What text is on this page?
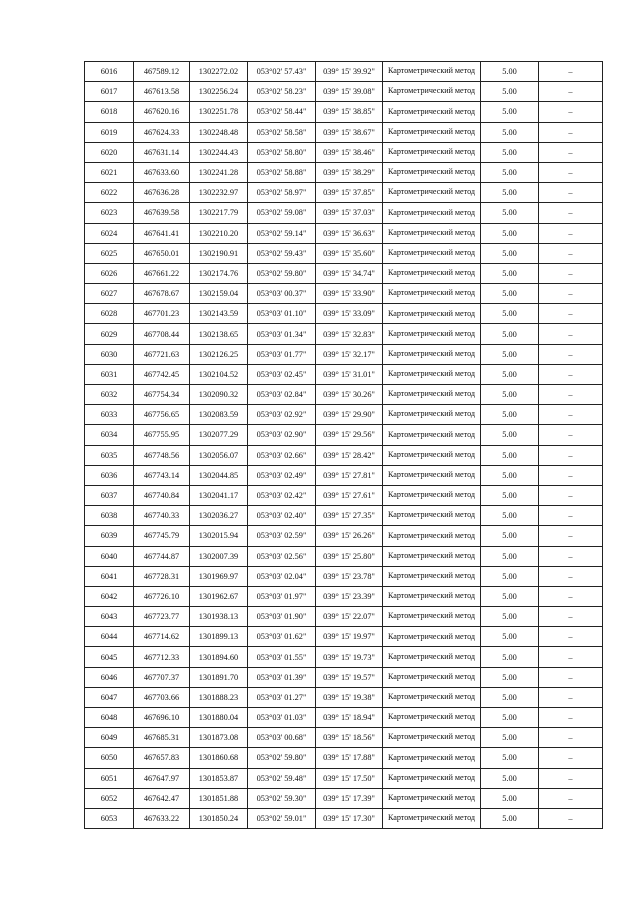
6016	467589.12	1302272.02	053°02' 57.43"	039° 15' 39.92"	Картометрический метод	5.00	–
6017	467613.58	1302256.24	053°02' 58.23"	039° 15' 39.08"	Картометрический метод	5.00	–
6018	467620.16	1302251.78	053°02' 58.44"	039° 15' 38.85"	Картометрический метод	5.00	–
6019	467624.33	1302248.48	053°02' 58.58"	039° 15' 38.67"	Картометрический метод	5.00	–
6020	467631.14	1302244.43	053°02' 58.80"	039° 15' 38.46"	Картометрический метод	5.00	–
6021	467633.60	1302241.28	053°02' 58.88"	039° 15' 38.29"	Картометрический метод	5.00	–
6022	467636.28	1302232.97	053°02' 58.97"	039° 15' 37.85"	Картометрический метод	5.00	–
6023	467639.58	1302217.79	053°02' 59.08"	039° 15' 37.03"	Картометрический метод	5.00	–
6024	467641.41	1302210.20	053°02' 59.14"	039° 15' 36.63"	Картометрический метод	5.00	–
6025	467650.01	1302190.91	053°02' 59.43"	039° 15' 35.60"	Картометрический метод	5.00	–
6026	467661.22	1302174.76	053°02' 59.80"	039° 15' 34.74"	Картометрический метод	5.00	–
6027	467678.67	1302159.04	053°03' 00.37"	039° 15' 33.90"	Картометрический метод	5.00	–
6028	467701.23	1302143.59	053°03' 01.10"	039° 15' 33.09"	Картометрический метод	5.00	–
6029	467708.44	1302138.65	053°03' 01.34"	039° 15' 32.83"	Картометрический метод	5.00	–
6030	467721.63	1302126.25	053°03' 01.77"	039° 15' 32.17"	Картометрический метод	5.00	–
6031	467742.45	1302104.52	053°03' 02.45"	039° 15' 31.01"	Картометрический метод	5.00	–
6032	467754.34	1302090.32	053°03' 02.84"	039° 15' 30.26"	Картометрический метод	5.00	–
6033	467756.65	1302083.59	053°03' 02.92"	039° 15' 29.90"	Картометрический метод	5.00	–
6034	467755.95	1302077.29	053°03' 02.90"	039° 15' 29.56"	Картометрический метод	5.00	–
6035	467748.56	1302056.07	053°03' 02.66"	039° 15' 28.42"	Картометрический метод	5.00	–
6036	467743.14	1302044.85	053°03' 02.49"	039° 15' 27.81"	Картометрический метод	5.00	–
6037	467740.84	1302041.17	053°03' 02.42"	039° 15' 27.61"	Картометрический метод	5.00	–
6038	467740.33	1302036.27	053°03' 02.40"	039° 15' 27.35"	Картометрический метод	5.00	–
6039	467745.79	1302015.94	053°03' 02.59"	039° 15' 26.26"	Картометрический метод	5.00	–
6040	467744.87	1302007.39	053°03' 02.56"	039° 15' 25.80"	Картометрический метод	5.00	–
6041	467728.31	1301969.97	053°03' 02.04"	039° 15' 23.78"	Картометрический метод	5.00	–
6042	467726.10	1301962.67	053°03' 01.97"	039° 15' 23.39"	Картометрический метод	5.00	–
6043	467723.77	1301938.13	053°03' 01.90"	039° 15' 22.07"	Картометрический метод	5.00	–
6044	467714.62	1301899.13	053°03' 01.62"	039° 15' 19.97"	Картометрический метод	5.00	–
6045	467712.33	1301894.60	053°03' 01.55"	039° 15' 19.73"	Картометрический метод	5.00	–
6046	467707.37	1301891.70	053°03' 01.39"	039° 15' 19.57"	Картометрический метод	5.00	–
6047	467703.66	1301888.23	053°03' 01.27"	039° 15' 19.38"	Картометрический метод	5.00	–
6048	467696.10	1301880.04	053°03' 01.03"	039° 15' 18.94"	Картометрический метод	5.00	–
6049	467685.31	1301873.08	053°03' 00.68"	039° 15' 18.56"	Картометрический метод	5.00	–
6050	467657.83	1301860.68	053°02' 59.80"	039° 15' 17.88"	Картометрический метод	5.00	–
6051	467647.97	1301853.87	053°02' 59.48"	039° 15' 17.50"	Картометрический метод	5.00	–
6052	467642.47	1301851.88	053°02' 59.30"	039° 15' 17.39"	Картометрический метод	5.00	–
6053	467633.22	1301850.24	053°02' 59.01"	039° 15' 17.30"	Картометрический метод	5.00	–
